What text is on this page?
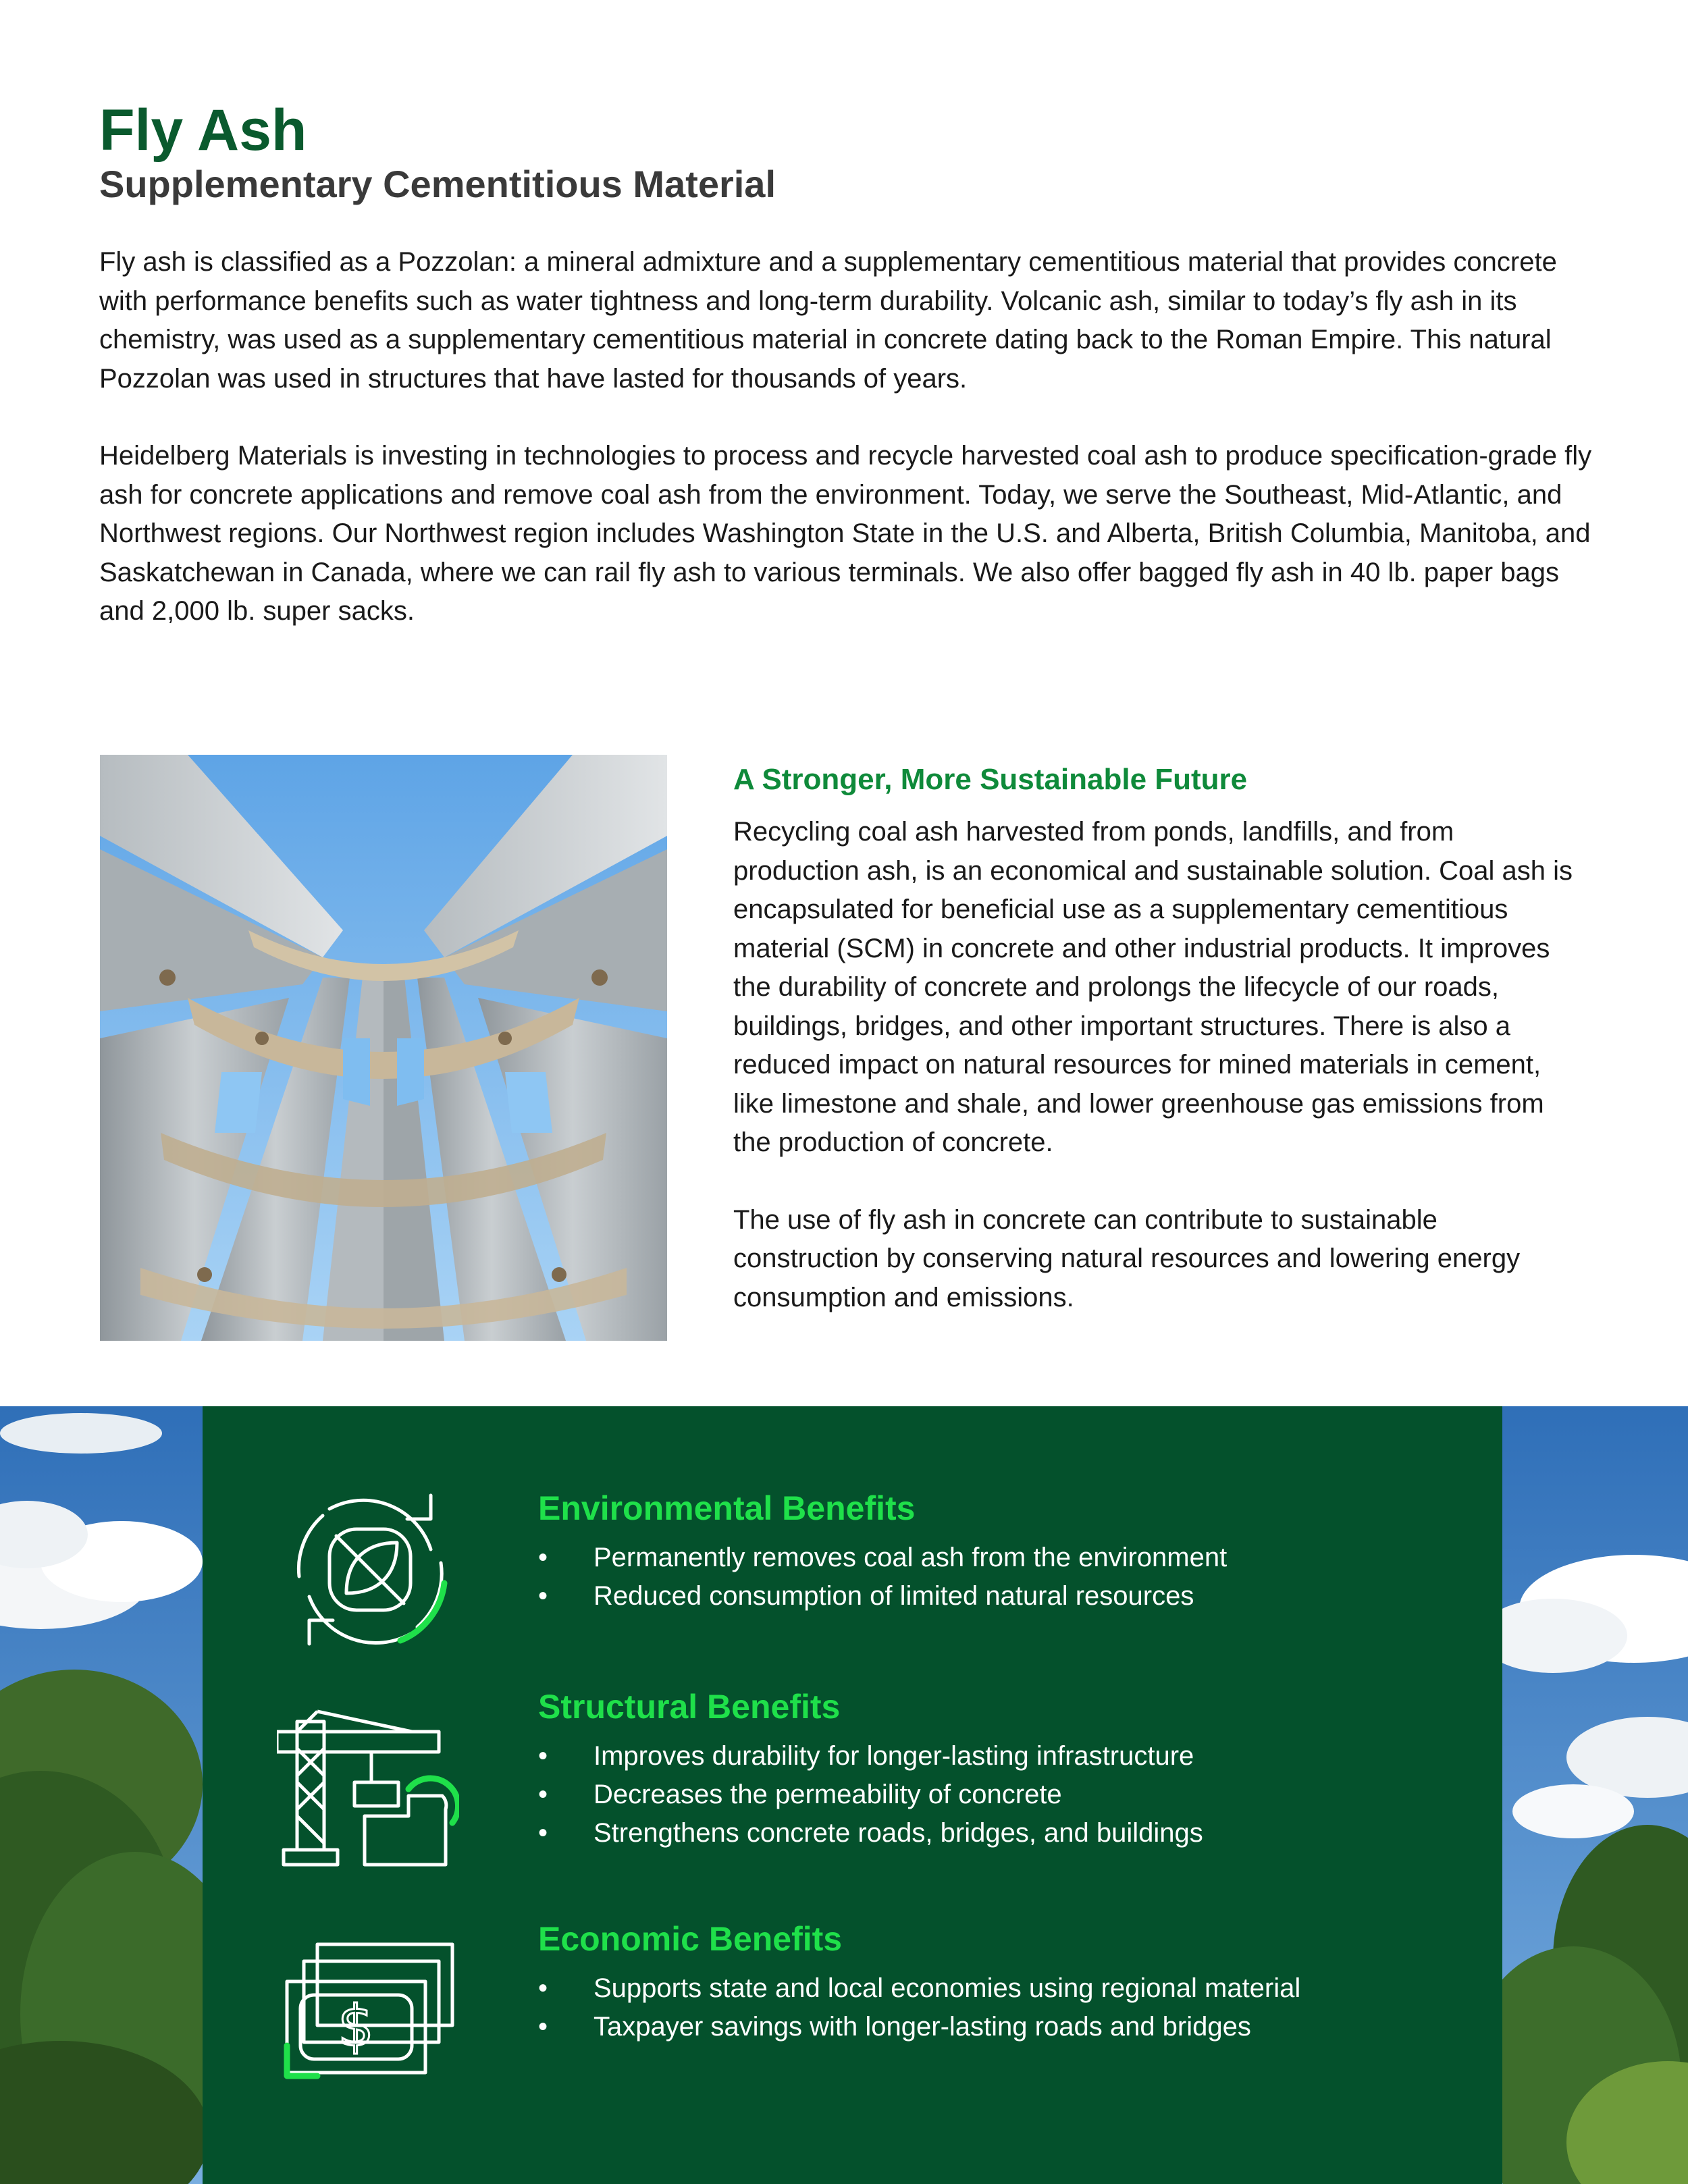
Fly Ash
Supplementary Cementitious Material

Fly ash is classified as a Pozzolan: a mineral admixture and a supplementary cementitious material that provides concrete with performance benefits such as water tightness and long-term durability. Volcanic ash, similar to today’s fly ash in its chemistry, was used as a supplementary cementitious material in concrete dating back to the Roman Empire. This natural Pozzolan was used in structures that have lasted for thousands of years.

Heidelberg Materials is investing in technologies to process and recycle harvested coal ash to produce specification-grade fly ash for concrete applications and remove coal ash from the environment. Today, we serve the Southeast, Mid-Atlantic, and Northwest regions. Our Northwest region includes Washington State in the U.S. and Alberta, British Columbia, Manitoba, and Saskatchewan in Canada, where we can rail fly ash to various terminals. We also offer bagged fly ash in 40 lb. paper bags and 2,000 lb. super sacks.

A Stronger, More Sustainable Future

Recycling coal ash harvested from ponds, landfills, and from production ash, is an economical and sustainable solution. Coal ash is encapsulated for beneficial use as a supplementary cementitious material (SCM) in concrete and other industrial products. It improves the durability of concrete and prolongs the lifecycle of our roads, buildings, bridges, and other important structures. There is also a reduced impact on natural resources for mined materials in cement, like limestone and shale, and lower greenhouse gas emissions from the production of concrete.

The use of fly ash in concrete can contribute to sustainable construction by conserving natural resources and lowering energy consumption and emissions.

$
Environmental Benefits
• Permanently removes coal ash from the environment
• Reduced consumption of limited natural resources
Structural Benefits
• Improves durability for longer-lasting infrastructure
• Decreases the permeability of concrete
• Strengthens concrete roads, bridges, and buildings
Economic Benefits
• Supports state and local economies using regional material
• Taxpayer savings with longer-lasting roads and bridges
